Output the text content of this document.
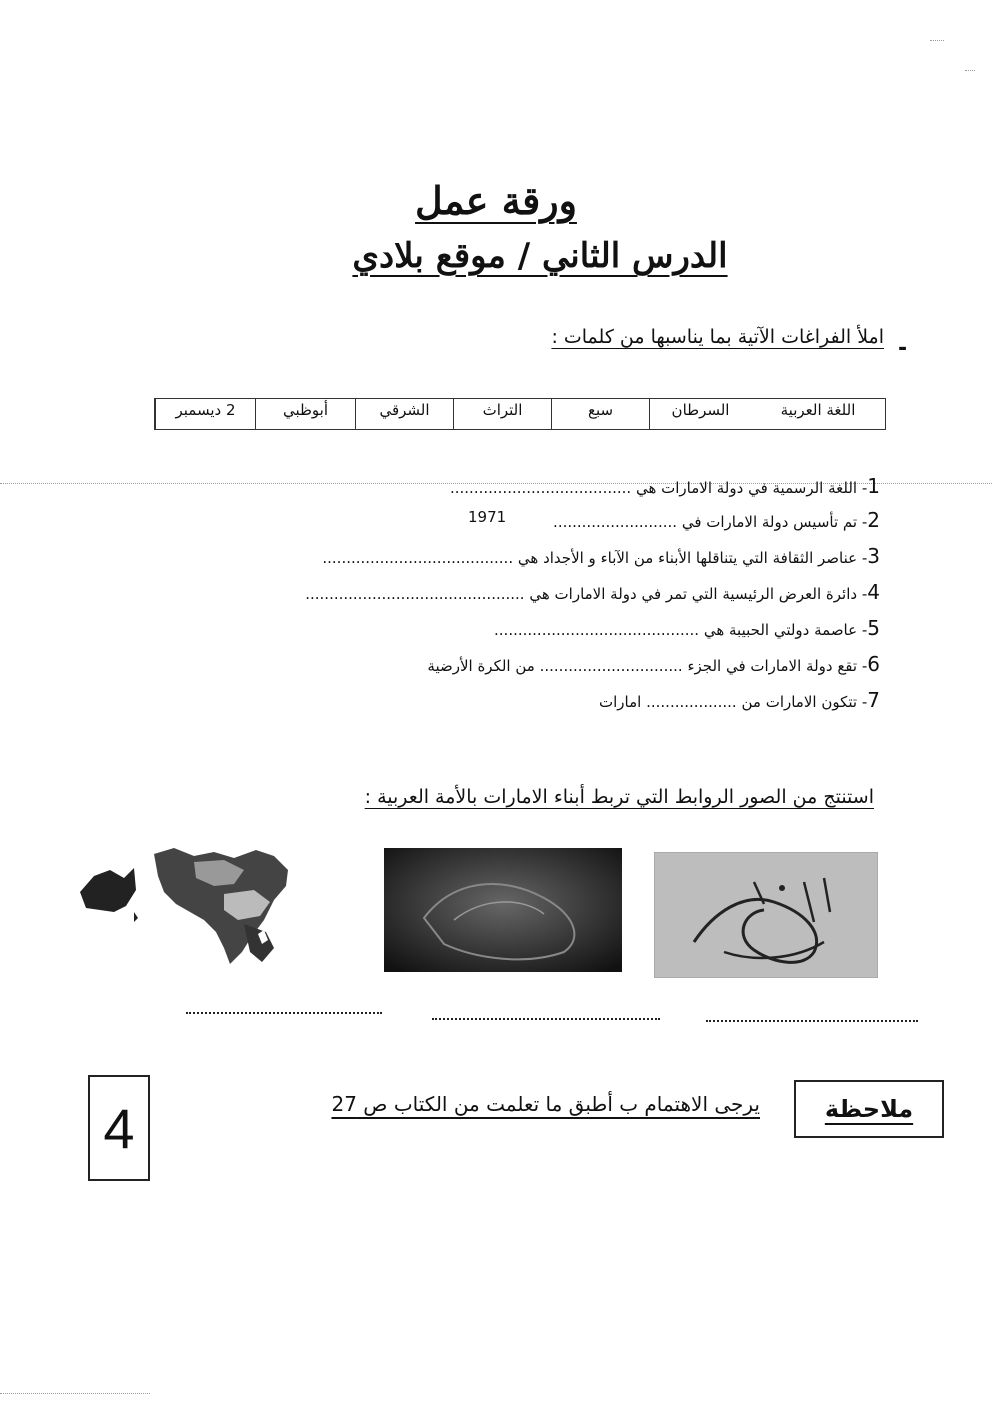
ورقة عمل
الدرس الثاني / موقع بلادي
-
املأ الفراغات الآتية بما يناسبها من كلمات :
2 ديسمبر	أبوظبي	الشرقي	التراث	سبع	السرطان	اللغة العربية
1- اللغة الرسمية في دولة الامارات هي ......................................
2- تم تأسيس دولة الامارات في ..........................
1971
3- عناصر الثقافة التي يتناقلها الأبناء من الآباء و الأجداد هي ........................................
4- دائرة العرض الرئيسية التي تمر في دولة الامارات هي ..............................................
5- عاصمة دولتي الحبيبة هي ...........................................
6- تقع دولة الامارات في الجزء .............................. من الكرة الأرضية
7- تتكون الامارات من ................... امارات
استنتج من الصور الروابط التي تربط أبناء الامارات بالأمة العربية :
ملاحظة
يرجى الاهتمام ب أطبق ما تعلمت من الكتاب ص 27
4
